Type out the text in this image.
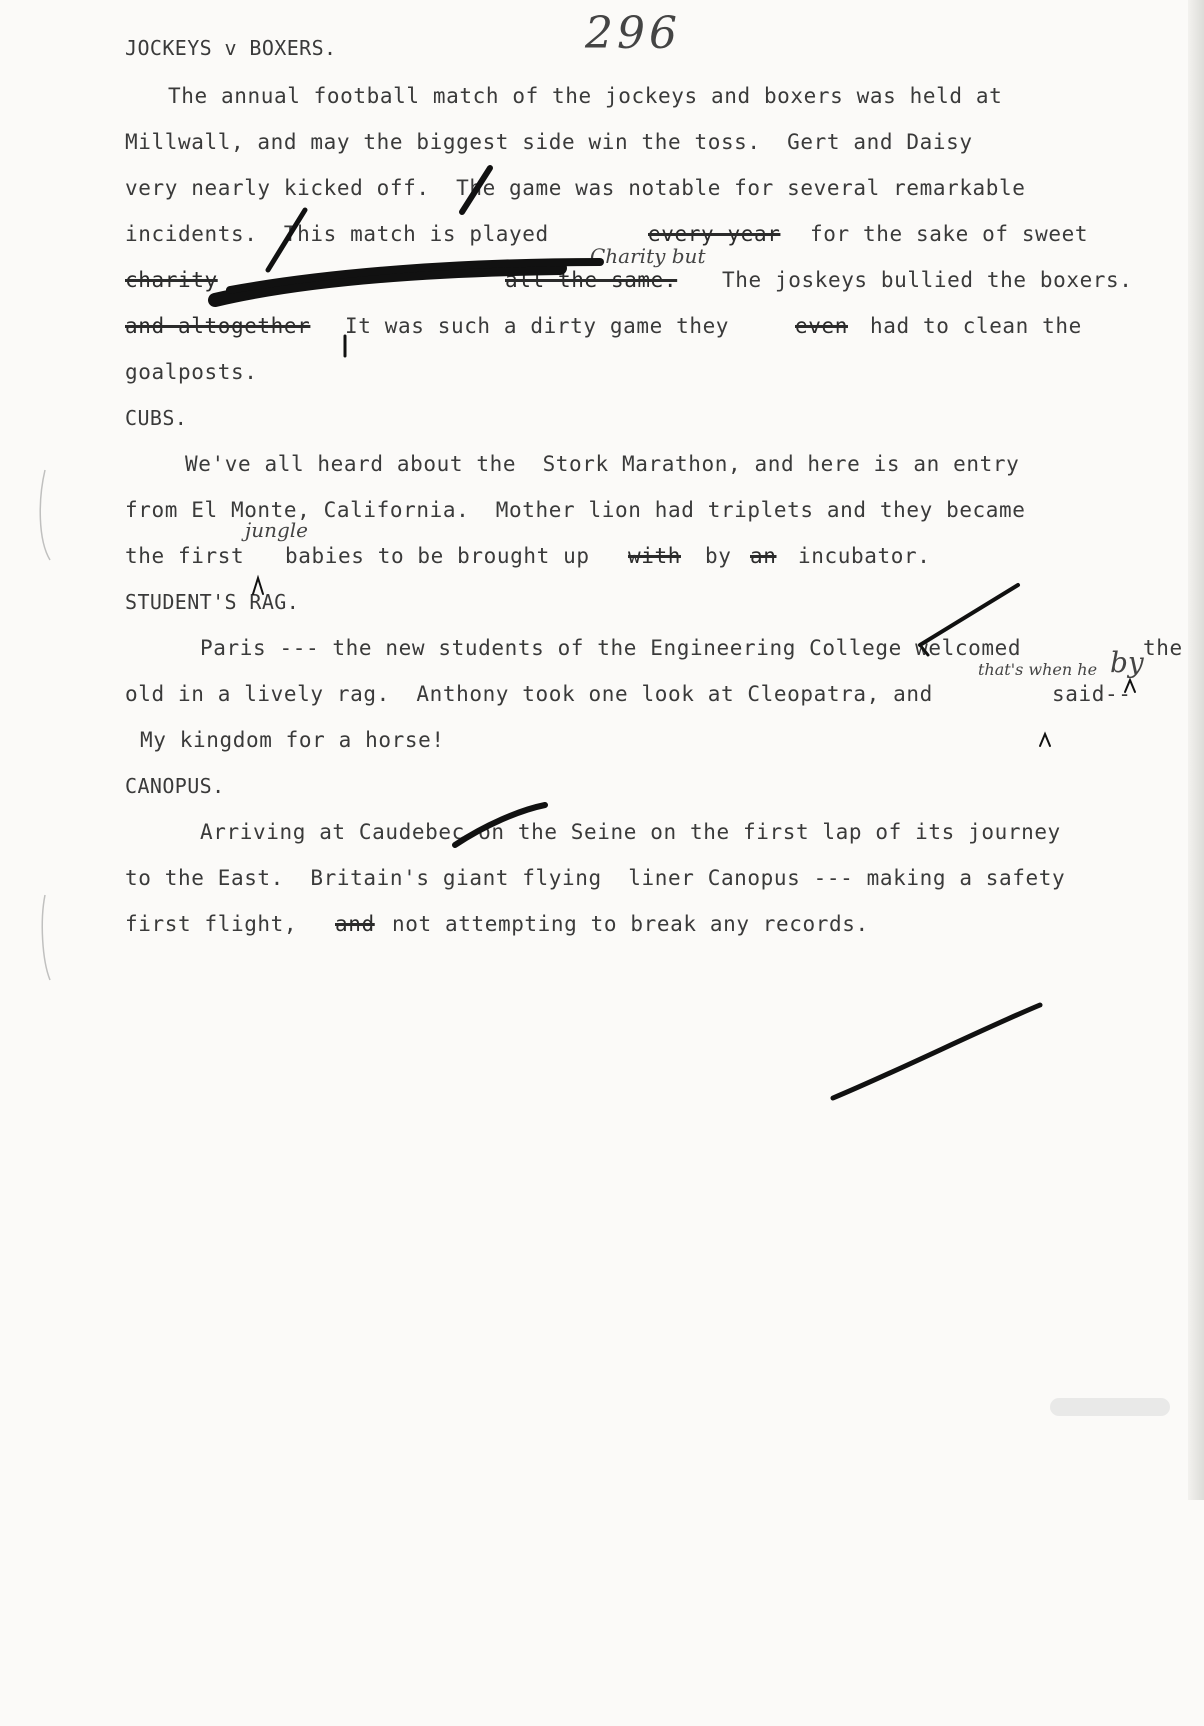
296
JOCKEYS v BOXERS.
The annual football match of the jockeys and boxers was held at
Millwall, and may the biggest side win the toss.  Gert and Daisy
very nearly kicked off.  The game was notable for several remarkable
incidents.  This match is played	every year for the sake of sweet
Charity but
charity	all the same. The joskeys bullied the boxers.
and altogether It was such a dirty game they	even had to clean the
goalposts.
CUBS.
We've all heard about the  Stork Marathon, and here is an entry
from El Monte, California.  Mother lion had triplets and they became
jungle
the first babies to be brought up with by an incubator.
STUDENT'S RAG.
by
Paris --- the new students of the Engineering College welcomed	the
that's when he
old in a lively rag.  Anthony took one look at Cleopatra, and	said--
My kingdom for a horse!
CANOPUS.
Arriving at Caudebec on the Seine on the first lap of its journey
to the East.  Britain's giant flying  liner Canopus --- making a safety
first flight, and not attempting to break any records.
